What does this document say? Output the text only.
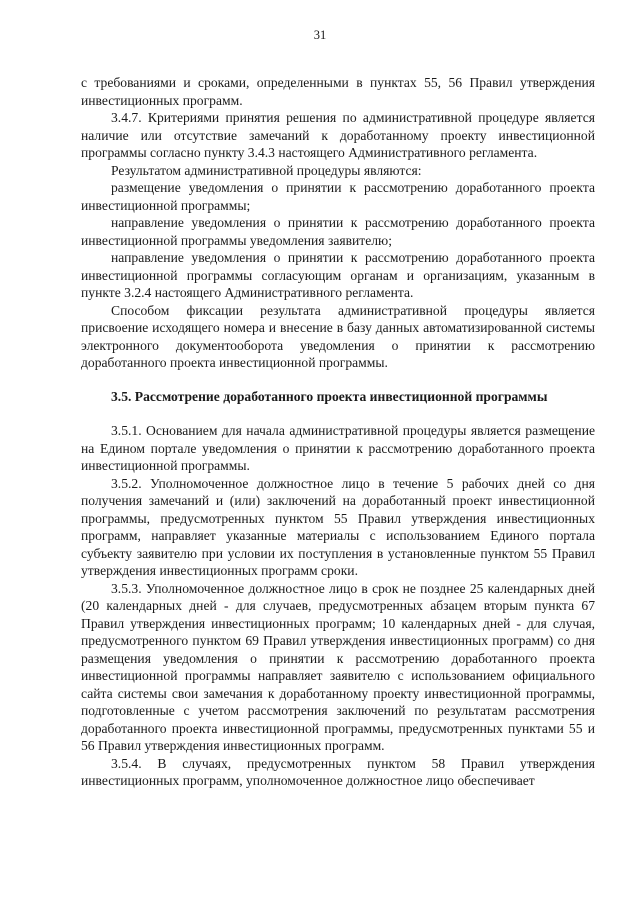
31

с требованиями и сроками, определенными в пунктах 55, 56 Правил утверждения инвестиционных программ.

3.4.7. Критериями принятия решения по административной процедуре является наличие или отсутствие замечаний к доработанному проекту инвестиционной программы согласно пункту 3.4.3 настоящего Административного регламента.

Результатом административной процедуры являются:

размещение уведомления о принятии к рассмотрению доработанного проекта инвестиционной программы;

направление уведомления о принятии к рассмотрению доработанного проекта инвестиционной программы уведомления заявителю;

направление уведомления о принятии к рассмотрению доработанного проекта инвестиционной программы согласующим органам и организациям, указанным в пункте 3.2.4 настоящего Административного регламента.

Способом фиксации результата административной процедуры является присвоение исходящего номера и внесение в базу данных автоматизированной системы электронного документооборота уведомления о принятии к рассмотрению доработанного проекта инвестиционной программы.

3.5. Рассмотрение доработанного проекта инвестиционной программы

3.5.1. Основанием для начала административной процедуры является размещение на Едином портале уведомления о принятии к рассмотрению доработанного проекта инвестиционной программы.

3.5.2. Уполномоченное должностное лицо в течение 5 рабочих дней со дня получения замечаний и (или) заключений на доработанный проект инвестиционной программы, предусмотренных пунктом 55 Правил утверждения инвестиционных программ, направляет указанные материалы с использованием Единого портала субъекту заявителю при условии их поступления в установленные пунктом 55 Правил утверждения инвестиционных программ сроки.

3.5.3. Уполномоченное должностное лицо в срок не позднее 25 календарных дней (20 календарных дней - для случаев, предусмотренных абзацем вторым пункта 67 Правил утверждения инвестиционных программ; 10 календарных дней - для случая, предусмотренного пунктом 69 Правил утверждения инвестиционных программ) со дня размещения уведомления о принятии к рассмотрению доработанного проекта инвестиционной программы направляет заявителю с использованием официального сайта системы свои замечания к доработанному проекту инвестиционной программы, подготовленные с учетом рассмотрения заключений по результатам рассмотрения доработанного проекта инвестиционной программы, предусмотренных пунктами 55 и 56 Правил утверждения инвестиционных программ.

3.5.4. В случаях, предусмотренных пунктом 58 Правил утверждения инвестиционных программ, уполномоченное должностное лицо обеспечивает
